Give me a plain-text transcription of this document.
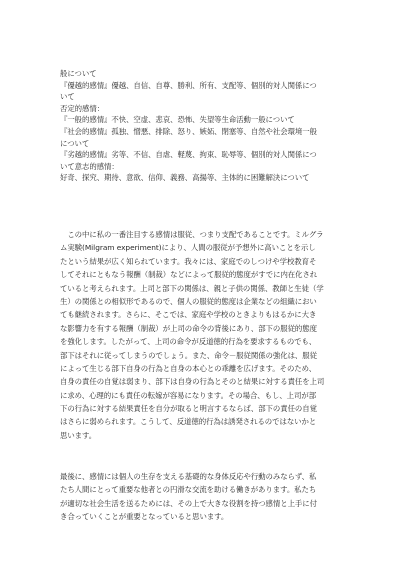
般について
『優越的感情』優越、自信、自尊、勝利、所有、支配等、個別的対人関係につ
いて
否定的感情：
『一般的感情』不快、空虚、悲哀、恐怖、失望等生命活動一般について
『社会的感情』孤独、憎悪、排除、怒り、嫉妬、閉塞等、自然や社会環境一般
について
『劣越的感情』劣等、不信、自虐、軽蔑、拘束、恥辱等、個別的対人関係につ
いて意志的感情：
好奇、探究、期待、意欲、信仰、義務、高揚等、主体的に困難解決について
　この中に私の一番注目する感情は服従、つまり支配であることです。ミルグラ
ム実験(Milgram experiment)により、人間の服従が予想外に高いことを示し
たという結果が広く知られています。我々には、家庭でのしつけや学校教育そ
してそれにともなう報酬（制裁）などによって服従的態度がすでに内在化され
ていると考えられます。上司と部下の関係は、親と子供の関係、教師と生徒（学
生）の関係との相似形であるので、個人の服従的態度は企業などの組織におい
ても継続されます。さらに、そこでは、家庭や学校のときよりもはるかに大き
な影響力を有する報酬（制裁）が上司の命令の背後にあり、部下の服従的態度
を強化します。したがって、上司の命令が反道徳的行為を要求するものでも、
部下はそれに従ってしまうのでしょう。また、命令－服従関係の強化は、服従
によって生じる部下自身の行為と自身の本心との乖離を広げます。そのため、
自身の責任の自覚は弱まり、部下は自身の行為とそのと結果に対する責任を上司
に求め、心理的にも責任の転嫁が容易になります。その場合、もし、上司が部
下の行為に対する結果責任を自分が取ると明言するならば、部下の責任の自覚
はさらに弱められます。こうして、反道徳的行為は誘発されるのではないかと
思います。
最後に、感情には個人の生存を支える基礎的な身体反応や行動のみならず、私
たち人間にとって重要な他者との円滑な交流を助ける働きがあります。私たち
が適切な社会生活を送るためには、その上で大きな役割を持つ感情と上手に付
き合っていくことが重要となっていると思います。
